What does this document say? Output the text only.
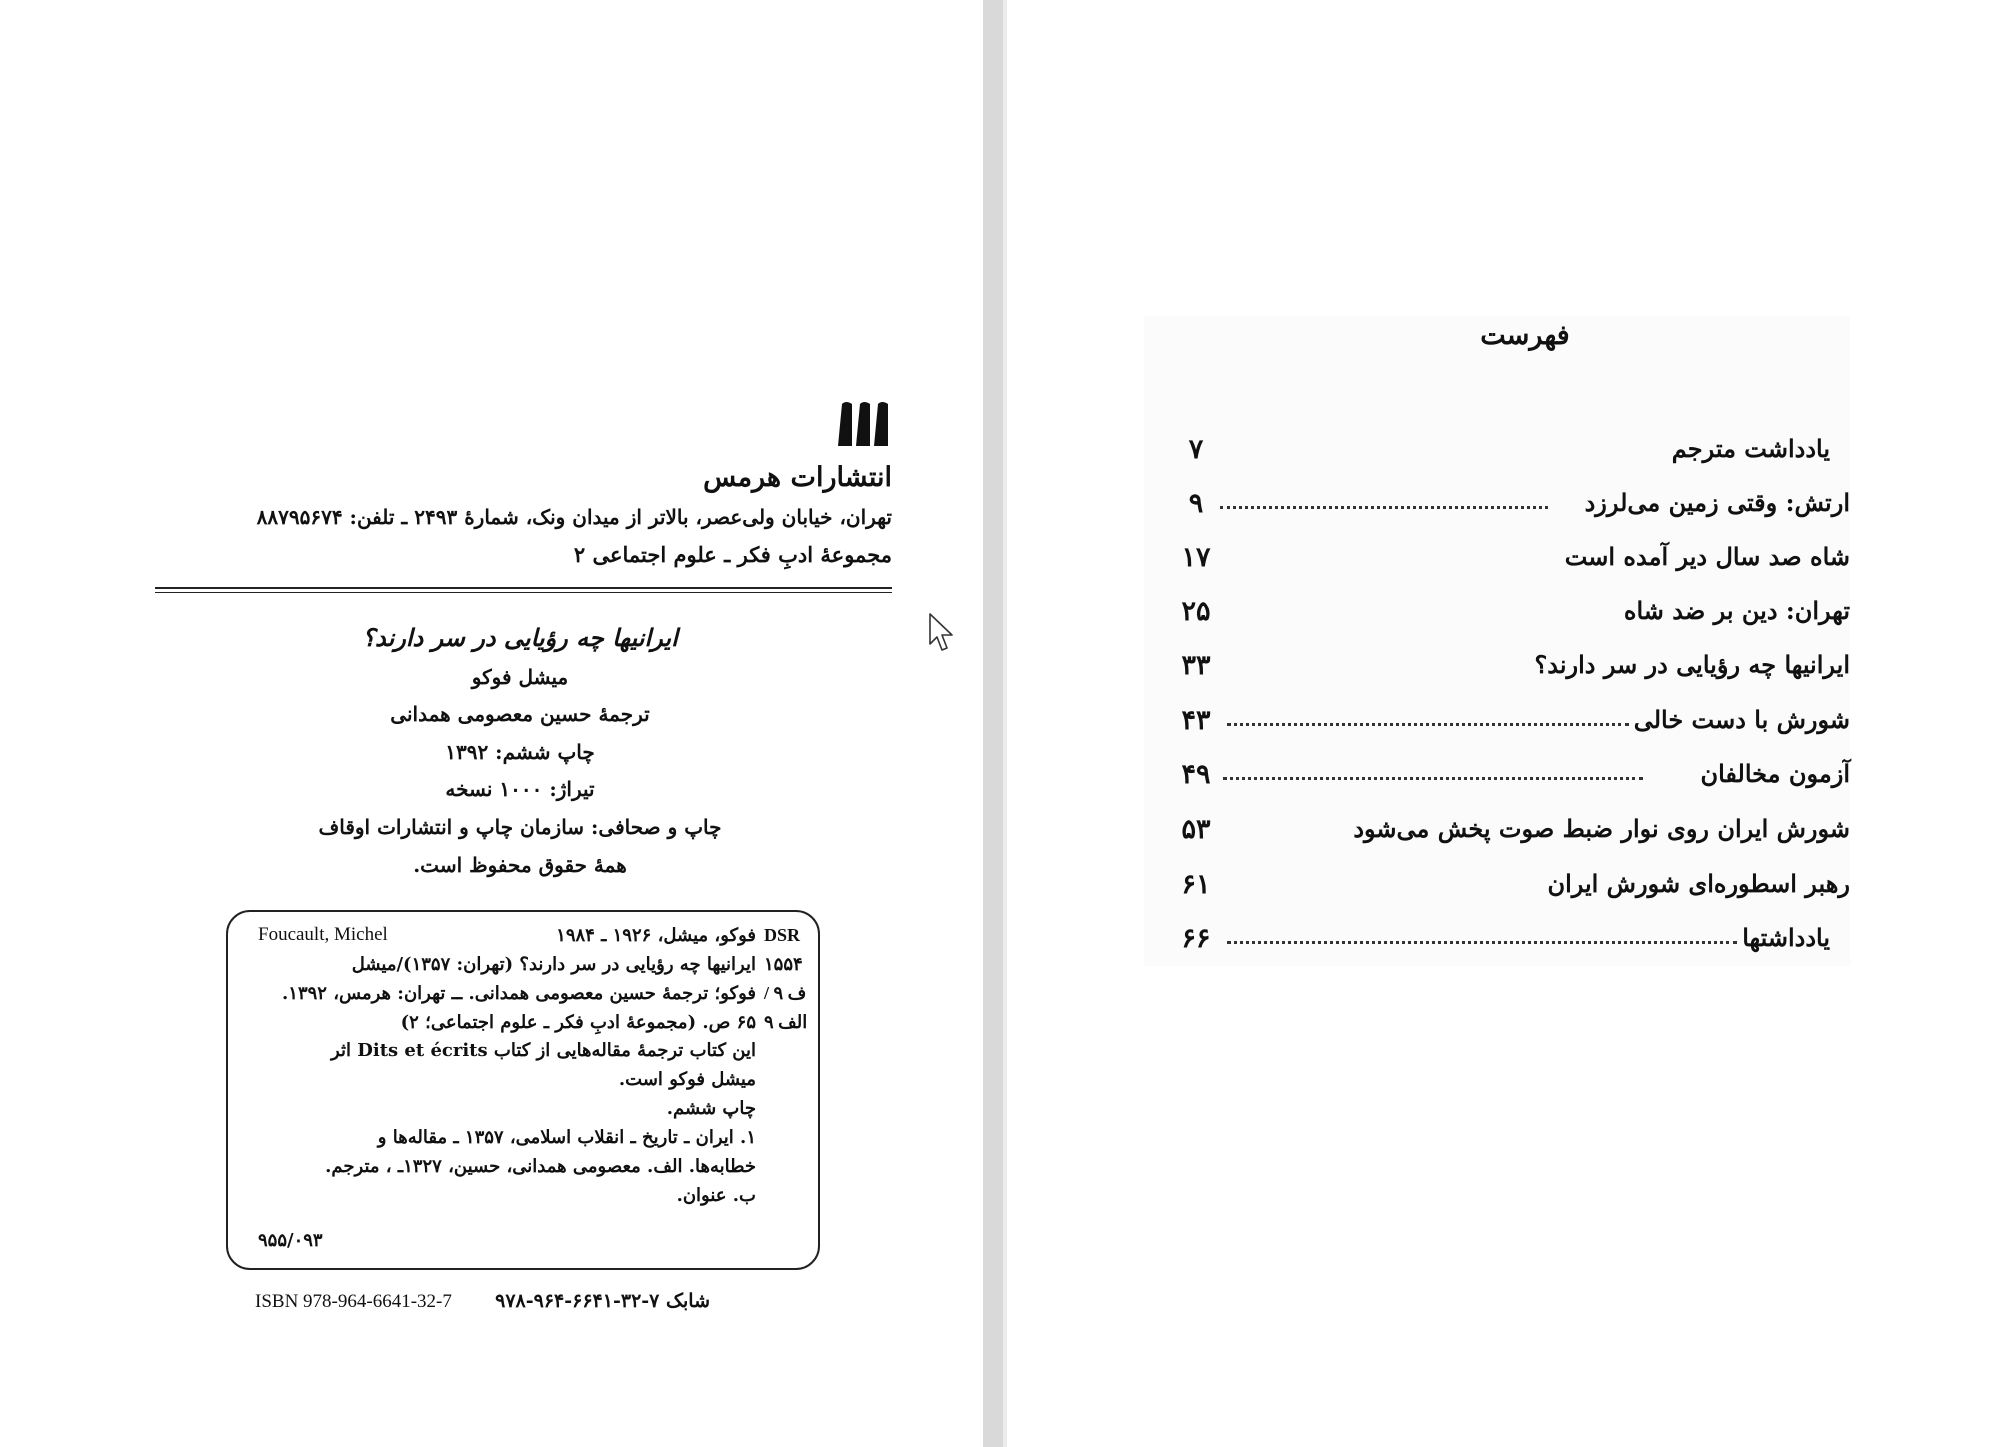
انتشارات هرمس
تهران، خیابان ولی‌عصر، بالاتر از میدان ونک، شمارهٔ ۲۴۹۳ ـ تلفن: ۸۸۷۹۵۶۷۴
مجموعهٔ ادبِ فکر ـ علوم اجتماعی ۲
ایرانیها چه رؤیایی در سر دارند؟
میشل فوکو
ترجمهٔ حسین معصومی همدانی
چاپ ششم: ۱۳۹۲
تیراژ: ۱۰۰۰ نسخه
چاپ و صحافی: سازمان چاپ و انتشارات اوقاف
همهٔ حقوق محفوظ است.
Foucault, Michel	DSR
۱۵۵۴
/ ۹ ف
۹ الف
فوکو، میشل، ۱۹۲۶ ـ ۱۹۸۴
ایرانیها چه رؤیایی در سر دارند؟ (تهران: ۱۳۵۷)/میشل
فوکو؛ ترجمهٔ حسین معصومی همدانی. ــ تهران: هرمس، ۱۳۹۲.
۶۵ ص. (مجموعهٔ ادبِ فکر ـ علوم اجتماعی؛ ۲)
این کتاب ترجمهٔ مقاله‌هایی از کتاب Dits et écrits اثر
میشل فوکو است.
چاپ ششم.
۱. ایران ـ تاریخ ـ انقلاب اسلامی، ۱۳۵۷ ـ مقاله‌ها و
خطابه‌ها. الف. معصومی همدانی، حسین، ۱۳۲۷ـ ، مترجم.
ب. عنوان.
۹۵۵/۰۹۳
ISBN 978-964-6641-32-7 شابک ۷-۳۲-۶۶۴۱-۹۶۴-۹۷۸
فهرست
یادداشت مترجم
۷
ارتش: وقتی زمین می‌لرزد
۹
شاه صد سال دیر آمده است
۱۷
تهران: دین بر ضد شاه
۲۵
ایرانیها چه رؤیایی در سر دارند؟
۳۳
شورش با دست خالی
۴۳
آزمون مخالفان
۴۹
شورش ایران روی نوار ضبط صوت پخش می‌شود
۵۳
رهبر اسطوره‌ای شورش ایران
۶۱
یادداشتها
۶۶
